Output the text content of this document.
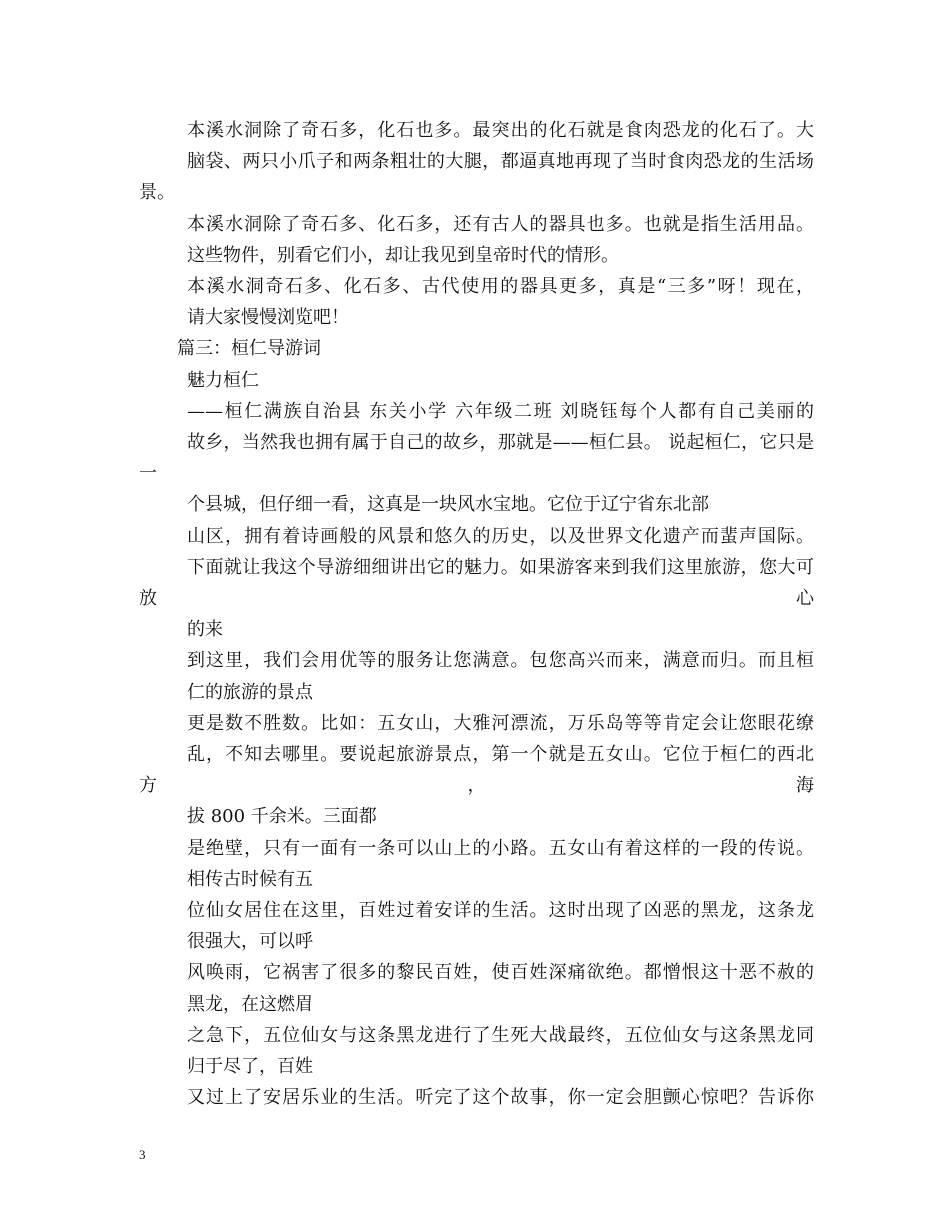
本溪水洞除了奇石多，化石也多。最突出的化石就是食肉恐龙的化石了。大
脑袋、两只小爪子和两条粗壮的大腿，都逼真地再现了当时食肉恐龙的生活场景。

本溪水洞除了奇石多、化石多，还有古人的器具也多。也就是指生活用品。
这些物件，别看它们小，却让我见到皇帝时代的情形。

本溪水洞奇石多、化石多、古代使用的器具更多，真是“三多”呀！现在，
请大家慢慢浏览吧！

篇三：桓仁导游词

魅力桓仁

——桓仁满族自治县 东关小学 六年级二班 刘晓钰每个人都有自己美丽的
故乡，当然我也拥有属于自己的故乡，那就是——桓仁县。 说起桓仁，它只是一
个县城，但仔细一看，这真是一块风水宝地。它位于辽宁省东北部

山区，拥有着诗画般的风景和悠久的历史，以及世界文化遗产而蜚声国际。
下面就让我这个导游细细讲出它的魅力。如果游客来到我们这里旅游，您大可放心
的来

到这里，我们会用优等的服务让您满意。包您高兴而来，满意而归。而且桓
仁的旅游的景点

更是数不胜数。比如：五女山，大雅河漂流，万乐岛等等肯定会让您眼花缭
乱，不知去哪里。要说起旅游景点，第一个就是五女山。它位于桓仁的西北方，海
拔 800 千余米。三面都

是绝壁，只有一面有一条可以山上的小路。五女山有着这样的一段的传说。
相传古时候有五

位仙女居住在这里，百姓过着安详的生活。这时出现了凶恶的黑龙，这条龙
很强大，可以呼

风唤雨，它祸害了很多的黎民百姓，使百姓深痛欲绝。都憎恨这十恶不赦的
黑龙，在这燃眉

之急下，五位仙女与这条黑龙进行了生死大战最终，五位仙女与这条黑龙同
归于尽了，百姓

又过上了安居乐业的生活。听完了这个故事，你一定会胆颤心惊吧？告诉你

3
